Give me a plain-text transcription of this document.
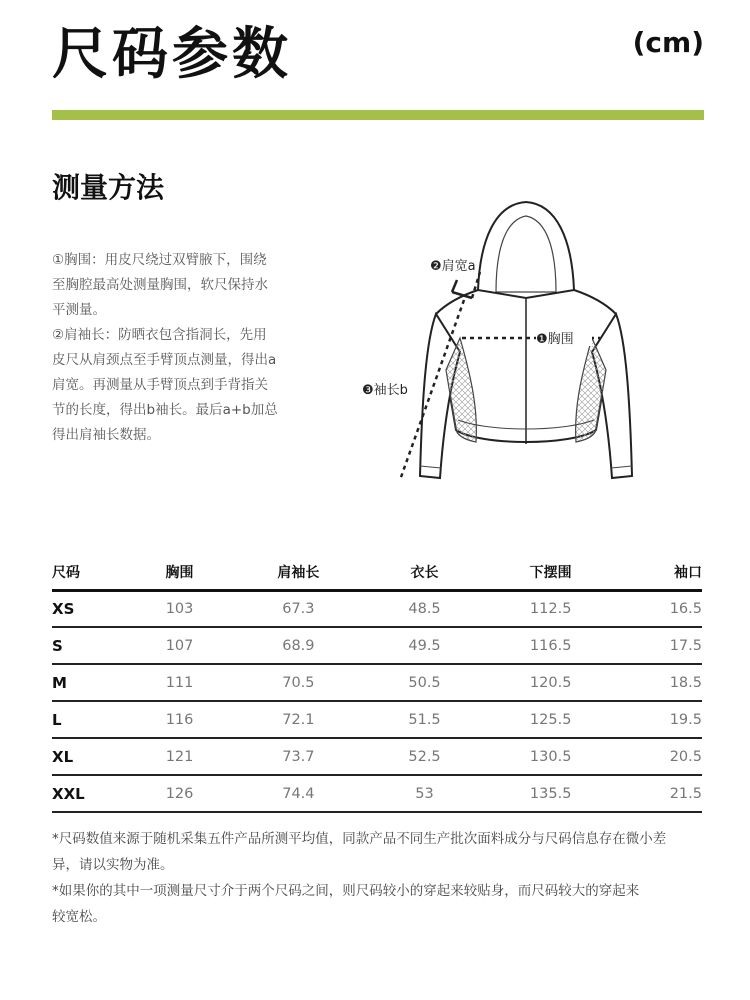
尺码参数	(cm)
测量方法

①胸围：用皮尺绕过双臂腋下，围绕

至胸腔最高处测量胸围，软尺保持水

平测量。

②肩袖长：防晒衣包含指洞长，先用

皮尺从肩颈点至手臂顶点测量，得出a

肩宽。再测量从手臂顶点到手背指关

节的长度，得出b袖长。最后a+b加总

得出肩袖长数据。

❷肩宽a
❶胸围
❸袖长b
尺码	胸围	肩袖长	衣长	下摆围	袖口
XS	103	67.3	48.5	112.5	16.5
S	107	68.9	49.5	116.5	17.5
M	111	70.5	50.5	120.5	18.5
L	116	72.1	51.5	125.5	19.5
XL	121	73.7	52.5	130.5	20.5
XXL	126	74.4	53	135.5	21.5

*尺码数值来源于随机采集五件产品所测平均值，同款产品不同生产批次面料成分与尺码信息存在微小差

异，请以实物为准。

*如果你的其中一项测量尺寸介于两个尺码之间，则尺码较小的穿起来较贴身，而尺码较大的穿起来

较宽松。
